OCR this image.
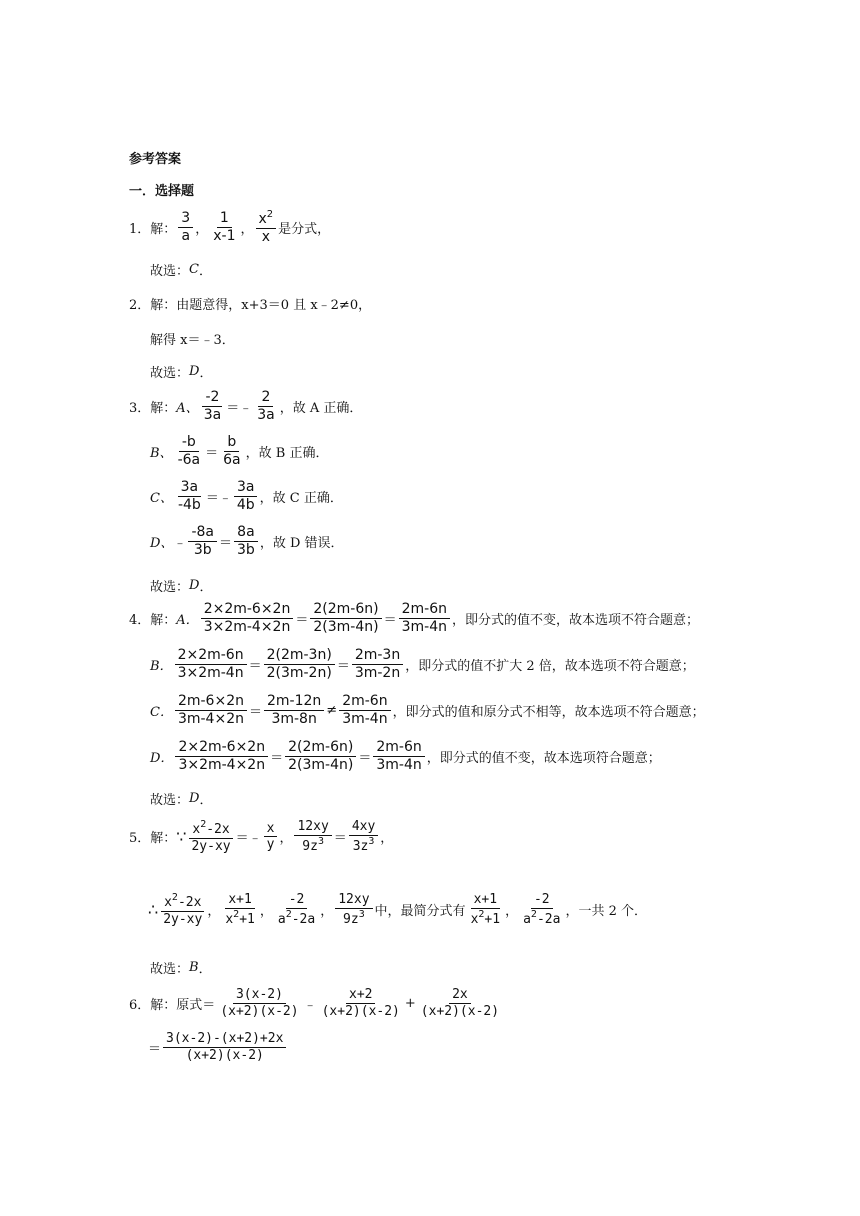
参考答案
一．选择题
1． 解： $\frac{3}{a}$ ， $\frac{1}{x-1}$ ， $\frac{x^2}{x}$ 是分式，
故选： C ．
2． 解： 由题意得，x+3＝0 且 x﹣2≠0，
解得 x＝﹣3．
故选： D ．
3． 解： A、 $\frac{-2}{3a}$ ＝﹣ $\frac{2}{3a}$ ，故 A 正确．
B、 $\frac{-b}{-6a} = \frac{b}{6a}$ ，故 B 正确．
C、 $\frac{3a}{-4b}$ ＝﹣ $\frac{3a}{4b}$ ，故 C 正确．
D、 ﹣ $\frac{-8a}{3b} = \frac{8a}{3b}$ ，故 D 错误．
故选： D ．
4． 解： A． $\frac{2\times 2m-6\times 2n}{3\times 2m-4\times 2n} = \frac{2(2m-6n)}{2(3m-4n)} = \frac{2m-6n}{3m-4n}$ ，即分式的值不变，故本选项不符合题意；
B． $\frac{2\times 2m-6n}{3\times 2m-4n} = \frac{2(2m-3n)}{2(3m-2n)} = \frac{2m-3n}{3m-2n}$ ，即分式的值不扩大 2 倍，故本选项不符合题意；
C． $\frac{2m-6\times 2n}{3m-4\times 2n} = \frac{2m-12n}{3m-8n} \ne \frac{2m-6n}{3m-4n}$ ，即分式的值和原分式不相等，故本选项不符合题意；
D． $\frac{2\times 2m-6\times 2n}{3\times 2m-4\times 2n} = \frac{2(2m-6n)}{2(3m-4n)} = \frac{2m-6n}{3m-4n}$ ，即分式的值不变，故本选项符合题意；
故选： D ．
5． 解： ∵ $\frac{x^2-2x}{2y-xy}$ ＝﹣ $\frac{x}{y}$ ， $\frac{12xy}{9z^3} = \frac{4xy}{3z^3}$ ，
∴ $\frac{x^2-2x}{2y-xy}$ ， $\frac{x+1}{x^2+1}$ ， $\frac{-2}{a^2-2a}$ ， $\frac{12xy}{9z^3}$ 中，最简分式有 $\frac{x+1}{x^2+1}$ ， $\frac{-2}{a^2-2a}$ ，一共 2 个．
故选： B ．
6． 解： 原式＝ $\frac{3(x-2)}{(x+2)(x-2)}$ ﹣ $\frac{x+2}{(x+2)(x-2)} + \frac{2x}{(x+2)(x-2)}$
＝ $\frac{3(x-2)-(x+2)+2x}{(x+2)(x-2)}$
